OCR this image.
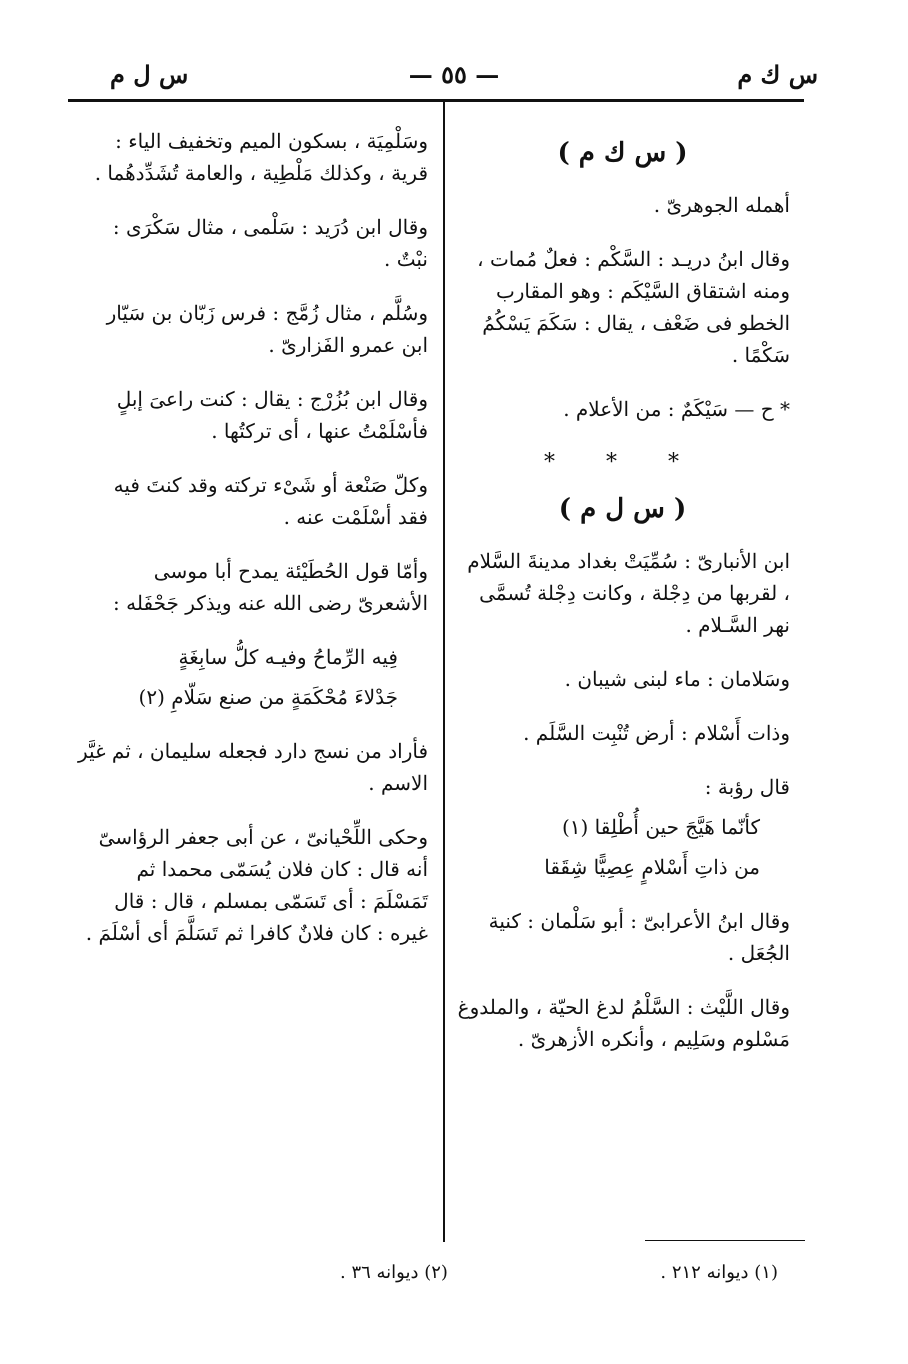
س ك م
— ٥٥ —
س ل م

( س ك م )

أهمله الجوهرىّ .

وقال ابنُ دريـد : السَّكْم : فعلٌ مُمات ، ومنه اشتقاق السَّيْكَم : وهو المقارب الخطو فى ضَعْف ، يقال : سَكَمَ يَسْكُمُ سَكْمًا .

* ح — سَيْكَمٌ : من الأعلام .

* * *

( س ل م )

ابن الأنبارىّ : سُمِّيَتْ بغداد مدينةَ السَّلام ، لقربها من دِجْلة ، وكانت دِجْلة تُسمَّى نهر السَّـلام .

وسَلامان : ماء لبنى شيبان .

وذات أَسْلام : أرض تُنْبِت السَّلَم .

قال رؤبة :

كأنّما هَيَّجَ حين أُطْلِقا (١)

من ذاتِ أَسْلامٍ عِصِيًّا شِقَقا

وقال ابنُ الأعرابىّ : أبو سَلْمان : كنية الجُعَل .

وقال اللَّيْث : السَّلْمُ لدغ الحيّة ، والملدوغ مَسْلوم وسَلِيم ، وأنكره الأزهرىّ .

وسَلْمِيَة ، بسكون الميم وتخفيف الياء : قرية ، وكذلك مَلْطِية ، والعامة تُشَدِّدهُما .

وقال ابن دُرَيد : سَلْمى ، مثال سَكْرَى : نبْتٌ .

وسُلَّم ، مثال زُمَّج : فرس زَبّان بن سَيّار ابن عمرو الفَزارىّ .

وقال ابن بُزُرْج : يقال : كنت راعىَ إبلٍ فأسْلَمْتُ عنها ، أى تركتُها .

وكلّ صَنْعة أو شَىْء تركته وقد كنتَ فيه فقد أسْلَمْت عنه .

وأمّا قول الحُطَيْئة يمدح أبا موسى الأشعرىّ رضى الله عنه ويذكر جَحْفَله :

فِيه الرِّماحُ وفيـه كلُّ سابِغَةٍ

جَدْلاءَ مُحْكَمَةٍ من صنع سَلّامِ (٢)

فأراد من نسج دارد فجعله سليمان ، ثم غيَّر الاسم .

وحكى اللِّحْيانىّ ، عن أبى جعفر الرؤاسىّ أنه قال : كان فلان يُسَمّى محمدا ثم تَمَسْلَمَ : أى تَسَمّى بمسلم ، قال : قال غيره : كان فلانٌ كافرا ثم تَسَلَّمَ أى أسْلَمَ .

(١) ديوانه ٢١٢ .
(٢) ديوانه ٣٦ .
